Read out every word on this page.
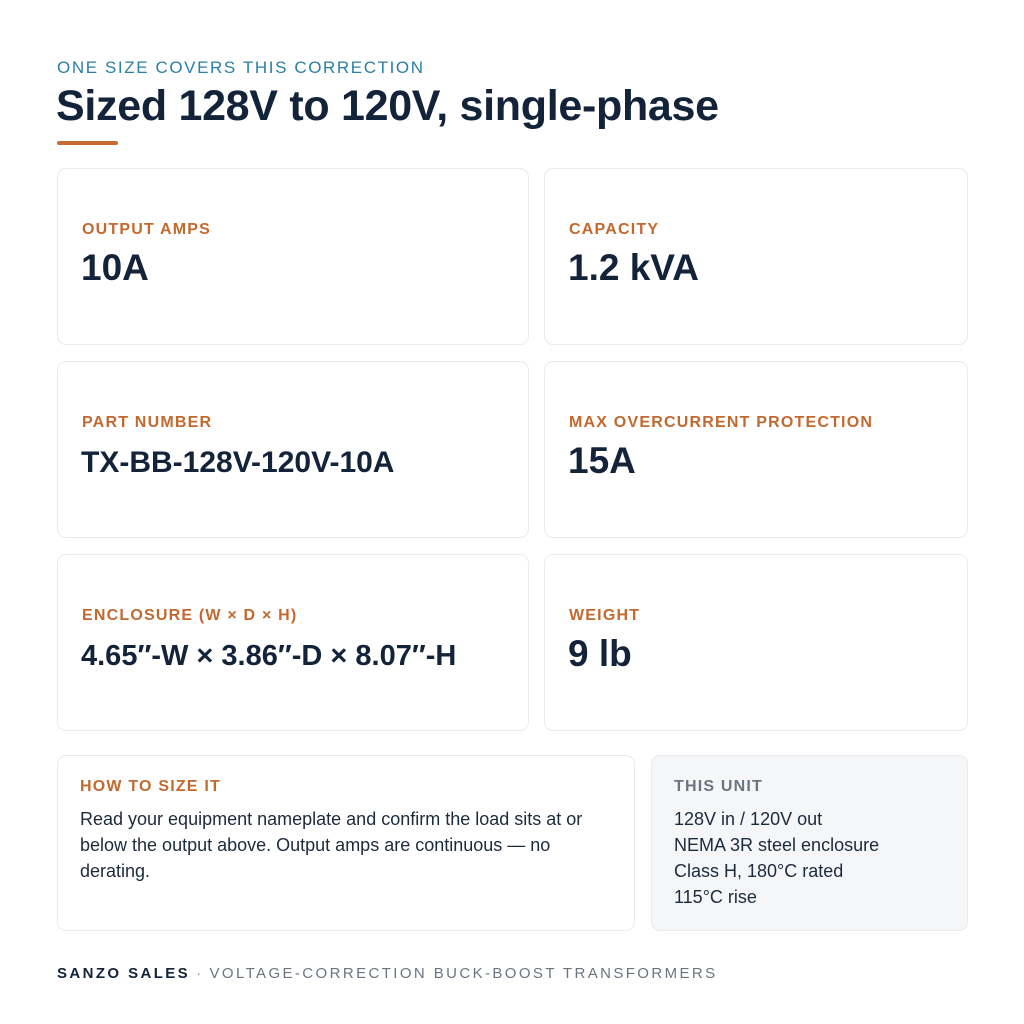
ONE SIZE COVERS THIS CORRECTION
Sized 128V to 120V, single-phase
OUTPUT AMPS
10A
CAPACITY
1.2 kVA
PART NUMBER
TX-BB-128V-120V-10A
MAX OVERCURRENT PROTECTION
15A
ENCLOSURE (W × D × H)
4.65″-W × 3.86″-D × 8.07″-H
WEIGHT
9 lb
HOW TO SIZE IT
Read your equipment nameplate and confirm the load sits at or below the output above. Output amps are continuous — no derating.
THIS UNIT
128V in / 120V out
NEMA 3R steel enclosure
Class H, 180°C rated
115°C rise
SANZO SALES · VOLTAGE-CORRECTION BUCK-BOOST TRANSFORMERS
